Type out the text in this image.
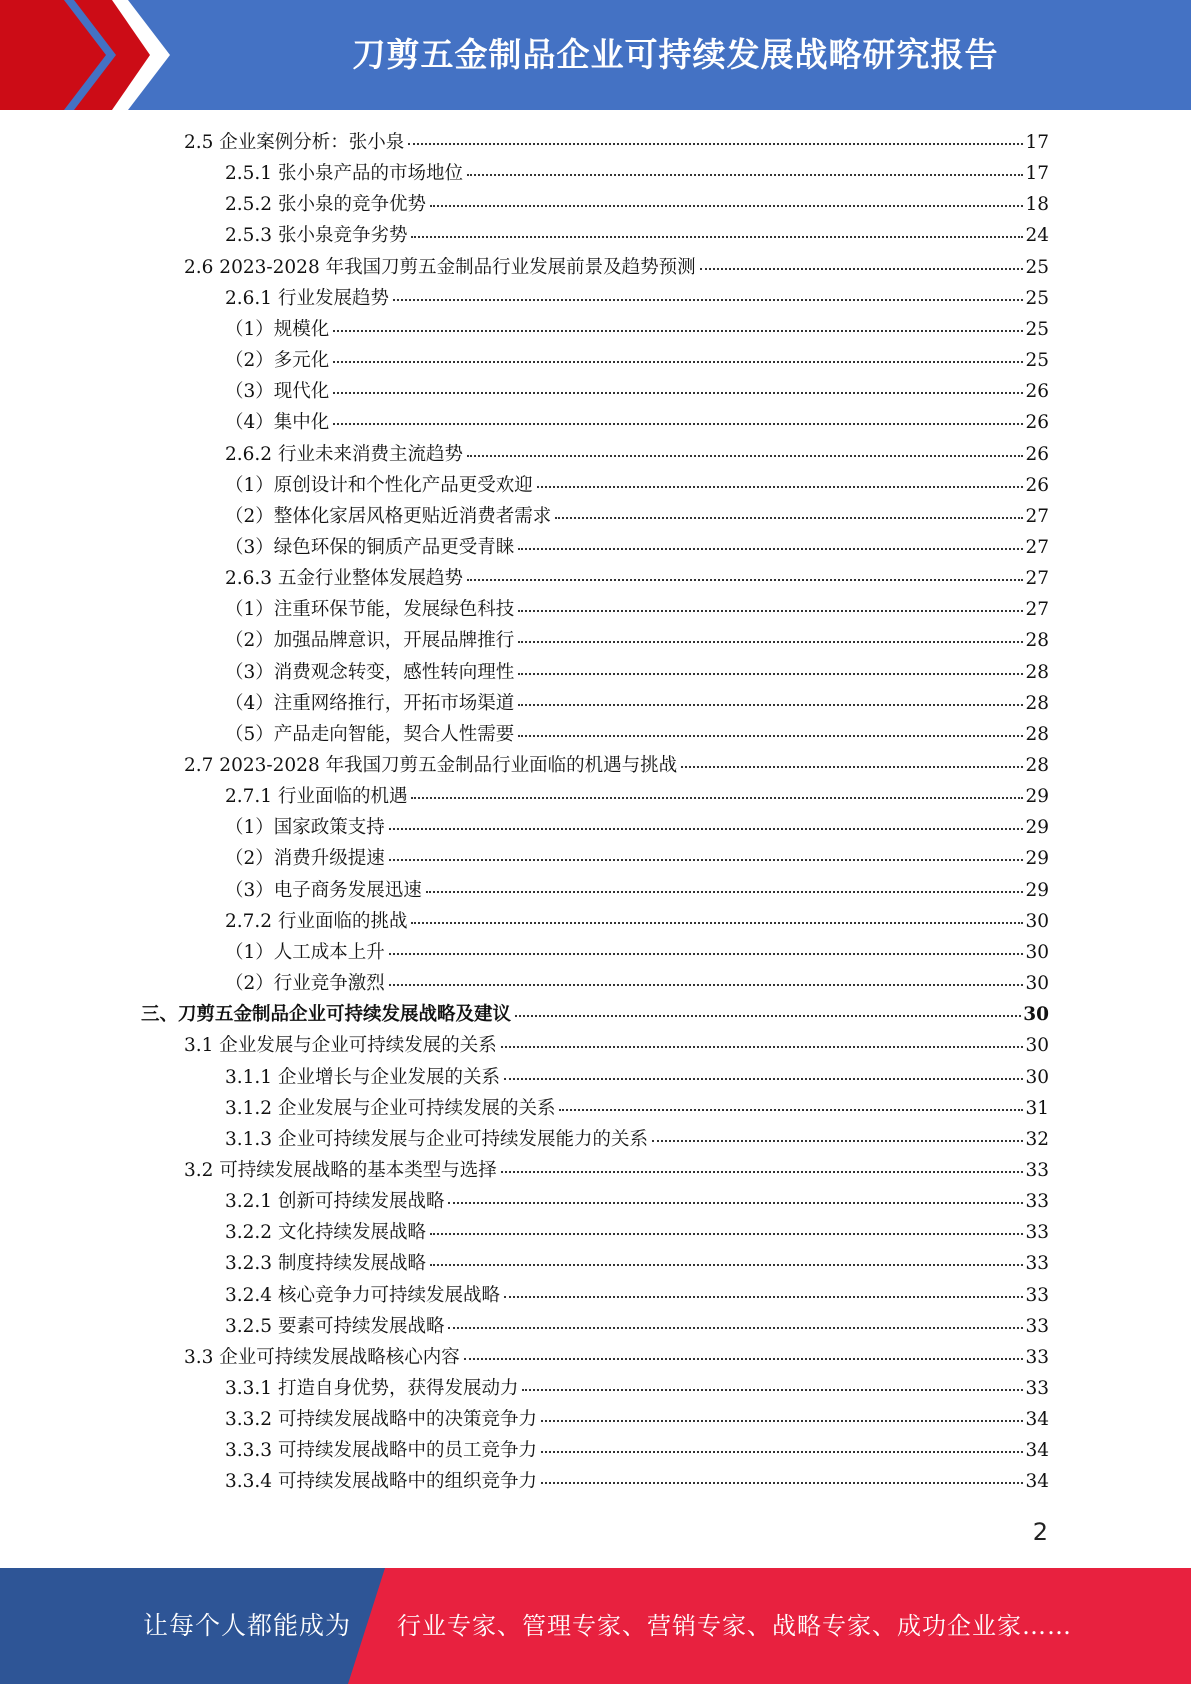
刀剪五金制品企业可持续发展战略研究报告
2.5 企业案例分析：张小泉	17
2.5.1 张小泉产品的市场地位	17
2.5.2 张小泉的竞争优势	18
2.5.3 张小泉竞争劣势	24
2.6 2023-2028 年我国刀剪五金制品行业发展前景及趋势预测	25
2.6.1 行业发展趋势	25
（1）规模化	25
（2）多元化	25
（3）现代化	26
（4）集中化	26
2.6.2 行业未来消费主流趋势	26
（1）原创设计和个性化产品更受欢迎	26
（2）整体化家居风格更贴近消费者需求	27
（3）绿色环保的铜质产品更受青睐	27
2.6.3 五金行业整体发展趋势	27
（1）注重环保节能，发展绿色科技	27
（2）加强品牌意识，开展品牌推行	28
（3）消费观念转变，感性转向理性	28
（4）注重网络推行，开拓市场渠道	28
（5）产品走向智能，契合人性需要	28
2.7 2023-2028 年我国刀剪五金制品行业面临的机遇与挑战	28
2.7.1 行业面临的机遇	29
（1）国家政策支持	29
（2）消费升级提速	29
（3）电子商务发展迅速	29
2.7.2 行业面临的挑战	30
（1）人工成本上升	30
（2）行业竞争激烈	30
三、刀剪五金制品企业可持续发展战略及建议	30
3.1 企业发展与企业可持续发展的关系	30
3.1.1 企业增长与企业发展的关系	30
3.1.2 企业发展与企业可持续发展的关系	31
3.1.3 企业可持续发展与企业可持续发展能力的关系	32
3.2 可持续发展战略的基本类型与选择	33
3.2.1 创新可持续发展战略	33
3.2.2 文化持续发展战略	33
3.2.3 制度持续发展战略	33
3.2.4 核心竞争力可持续发展战略	33
3.2.5 要素可持续发展战略	33
3.3 企业可持续发展战略核心内容	33
3.3.1 打造自身优势，获得发展动力	33
3.3.2 可持续发展战略中的决策竞争力	34
3.3.3 可持续发展战略中的员工竞争力	34
3.3.4 可持续发展战略中的组织竞争力	34
2
让每个人都能成为 行业专家、管理专家、营销专家、战略专家、成功企业家……
